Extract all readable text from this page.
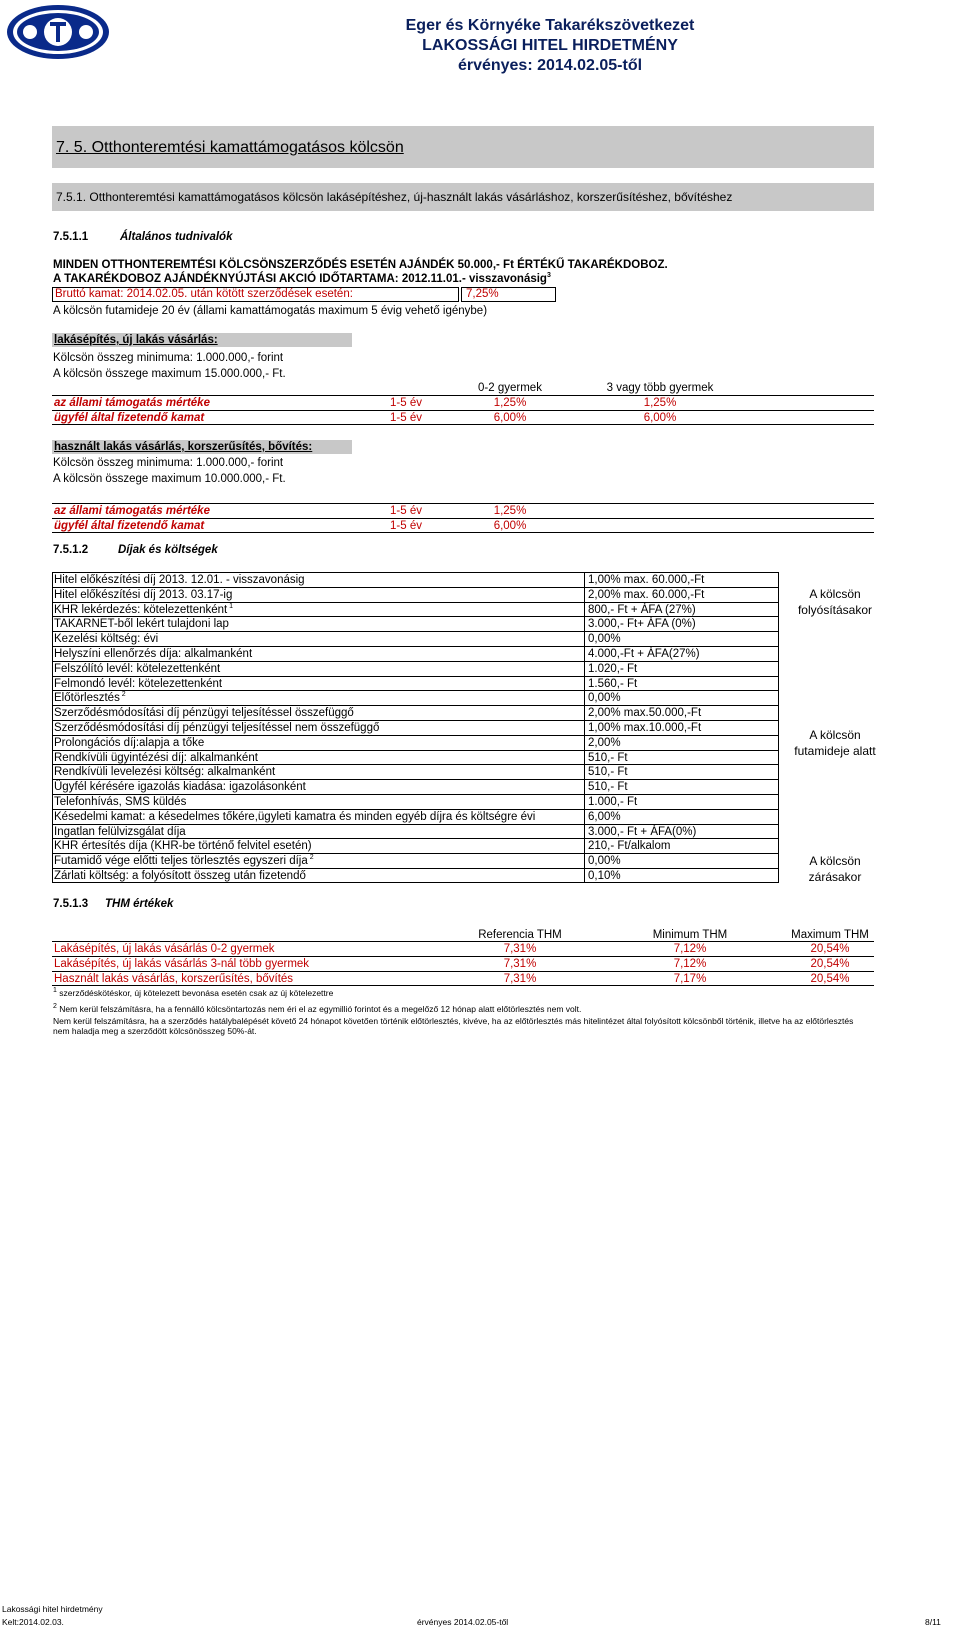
Eger és Környéke Takarékszövetkezet
LAKOSSÁGI HITEL HIRDETMÉNY
érvényes: 2014.02.05-től
7. 5. Otthonteremtési kamattámogatásos kölcsön
7.5.1. Otthonteremtési kamattámogatásos kölcsön lakásépítéshez, új-használt lakás vásárláshoz, korszerűsítéshez, bővítéshez
7.5.1.1	Általános tudnivalók
MINDEN OTTHONTEREMTÉSI KÖLCSÖNSZERZŐDÉS ESETÉN AJÁNDÉK 50.000,- Ft ÉRTÉKŰ TAKARÉKDOBOZ.
A TAKARÉKDOBOZ AJÁNDÉKNYÚJTÁSI AKCIÓ IDŐTARTAMA: 2012.11.01.- visszavonásig$^3$
Bruttó kamat: 2014.02.05. után kötött szerződések esetén:	7,25%
A kölcsön futamideje 20 év (állami kamattámogatás maximum 5 évig vehető igénybe)
lakásépítés, új lakás vásárlás:
Kölcsön összeg minimuma: 1.000.000,- forint
A kölcsön összege maximum 15.000.000,- Ft.
0-2 gyermek	3 vagy több gyermek
az állami támogatás mértéke	1-5 év	1,25%	1,25%
ügyfél által fizetendő kamat	1-5 év	6,00%	6,00%
használt lakás vásárlás, korszerűsítés, bővítés:
Kölcsön összeg minimuma: 1.000.000,- forint
A kölcsön összege maximum 10.000.000,- Ft.
az állami támogatás mértéke	1-5 év	1,25%
ügyfél által fizetendő kamat	1-5 év	6,00%
7.5.1.2	Díjak és költségek
Hitel előkészítési díj 2013. 12.01. - visszavonásig	1,00% max. 60.000,-Ft
Hitel előkészítési díj 2013. 03.17-ig	2,00% max. 60.000,-Ft
KHR lekérdezés: kötelezettenként $^1$	800,- Ft + ÁFA (27%)
TAKARNET-ből lekért tulajdoni lap	3.000,- Ft+ ÁFA (0%)
Kezelési költség: évi	0,00%
Helyszíni ellenőrzés díja: alkalmanként	4.000,-Ft + ÁFA(27%)
Felszólító levél: kötelezettenként	1.020,- Ft
Felmondó levél: kötelezettenként	1.560,- Ft
Előtörlesztés $^2$	0,00%
Szerződésmódosítási díj pénzügyi teljesítéssel összefüggő	2,00% max.50.000,-Ft
Szerződésmódosítási díj pénzügyi teljesítéssel nem összefüggő	1,00% max.10.000,-Ft
Prolongációs díj:alapja a tőke	2,00%
Rendkívüli ügyintézési díj: alkalmanként	510,- Ft
Rendkívüli levelezési költség: alkalmanként	510,- Ft
Ügyfél kérésére igazolás kiadása: igazolásonként	510,- Ft
Telefonhívás, SMS küldés	1.000,- Ft
Késedelmi kamat: a késedelmes tőkére,ügyleti kamatra és minden egyéb díjra és költségre évi	6,00%
Ingatlan felülvizsgálat díja	3.000,- Ft + ÁFA(0%)
KHR értesítés díja (KHR-be történő felvitel esetén)	210,- Ft/alkalom
Futamidő vége előtti teljes törlesztés egyszeri díja $^2$	0,00%
Zárlati költség: a folyósított összeg után fizetendő	0,10%
A kölcsön
folyósításakor
A kölcsön
futamideje alatt
A kölcsön
zárásakor
7.5.1.3 THM értékek
Referencia THM	Minimum THM	Maximum THM
Lakásépítés, új lakás vásárlás 0-2 gyermek	7,31%	7,12%	20,54%
Lakásépítés, új lakás vásárlás 3-nál több gyermek	7,31%	7,12%	20,54%
Használt lakás vásárlás, korszerűsítés, bővítés	7,31%	7,17%	20,54%
$^1$ szerződéskötéskor, új kötelezett bevonása esetén csak az új kötelezettre
$^2$ Nem kerül felszámításra, ha a fennálló kölcsöntartozás nem éri el az egymillió forintot és a megelőző 12 hónap alatt előtörlesztés nem volt.
Nem kerül felszámításra, ha a szerződés hatálybalépését követő 24 hónapot követően történik előtörlesztés, kivéve, ha az előtörlesztés más hitelintézet által folyósított kölcsönből történik, illetve ha az előtörlesztés
nem haladja meg a szerződött kölcsönösszeg 50%-át.
Lakossági hitel hirdetmény
Kelt:2014.02.03.	érvényes 2014.02.05-től	8/11
